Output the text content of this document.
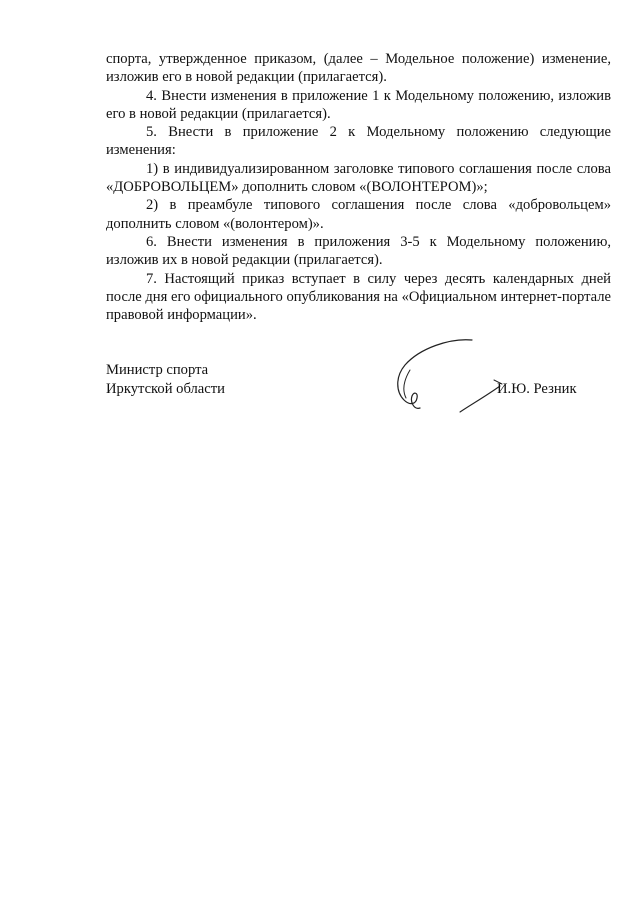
спорта, утвержденное приказом, (далее – Модельное положение) изменение, изложив его в новой редакции (прилагается).

4. Внести изменения в приложение 1 к Модельному положению, изложив его в новой редакции (прилагается).

5. Внести в приложение 2 к Модельному положению следующие изменения:

1) в индивидуализированном заголовке типового соглашения после слова «ДОБРОВОЛЬЦЕМ» дополнить словом «(ВОЛОНТЕРОМ)»;

2) в преамбуле типового соглашения после слова «добровольцем» дополнить словом «(волонтером)».

6. Внести изменения в приложения 3-5 к Модельному положению, изложив их в новой редакции (прилагается).

7. Настоящий приказ вступает в силу через десять календарных дней после дня его официального опубликования на «Официальном интернет-портале правовой информации».

Министр спорта
Иркутской области	И.Ю. Резник
